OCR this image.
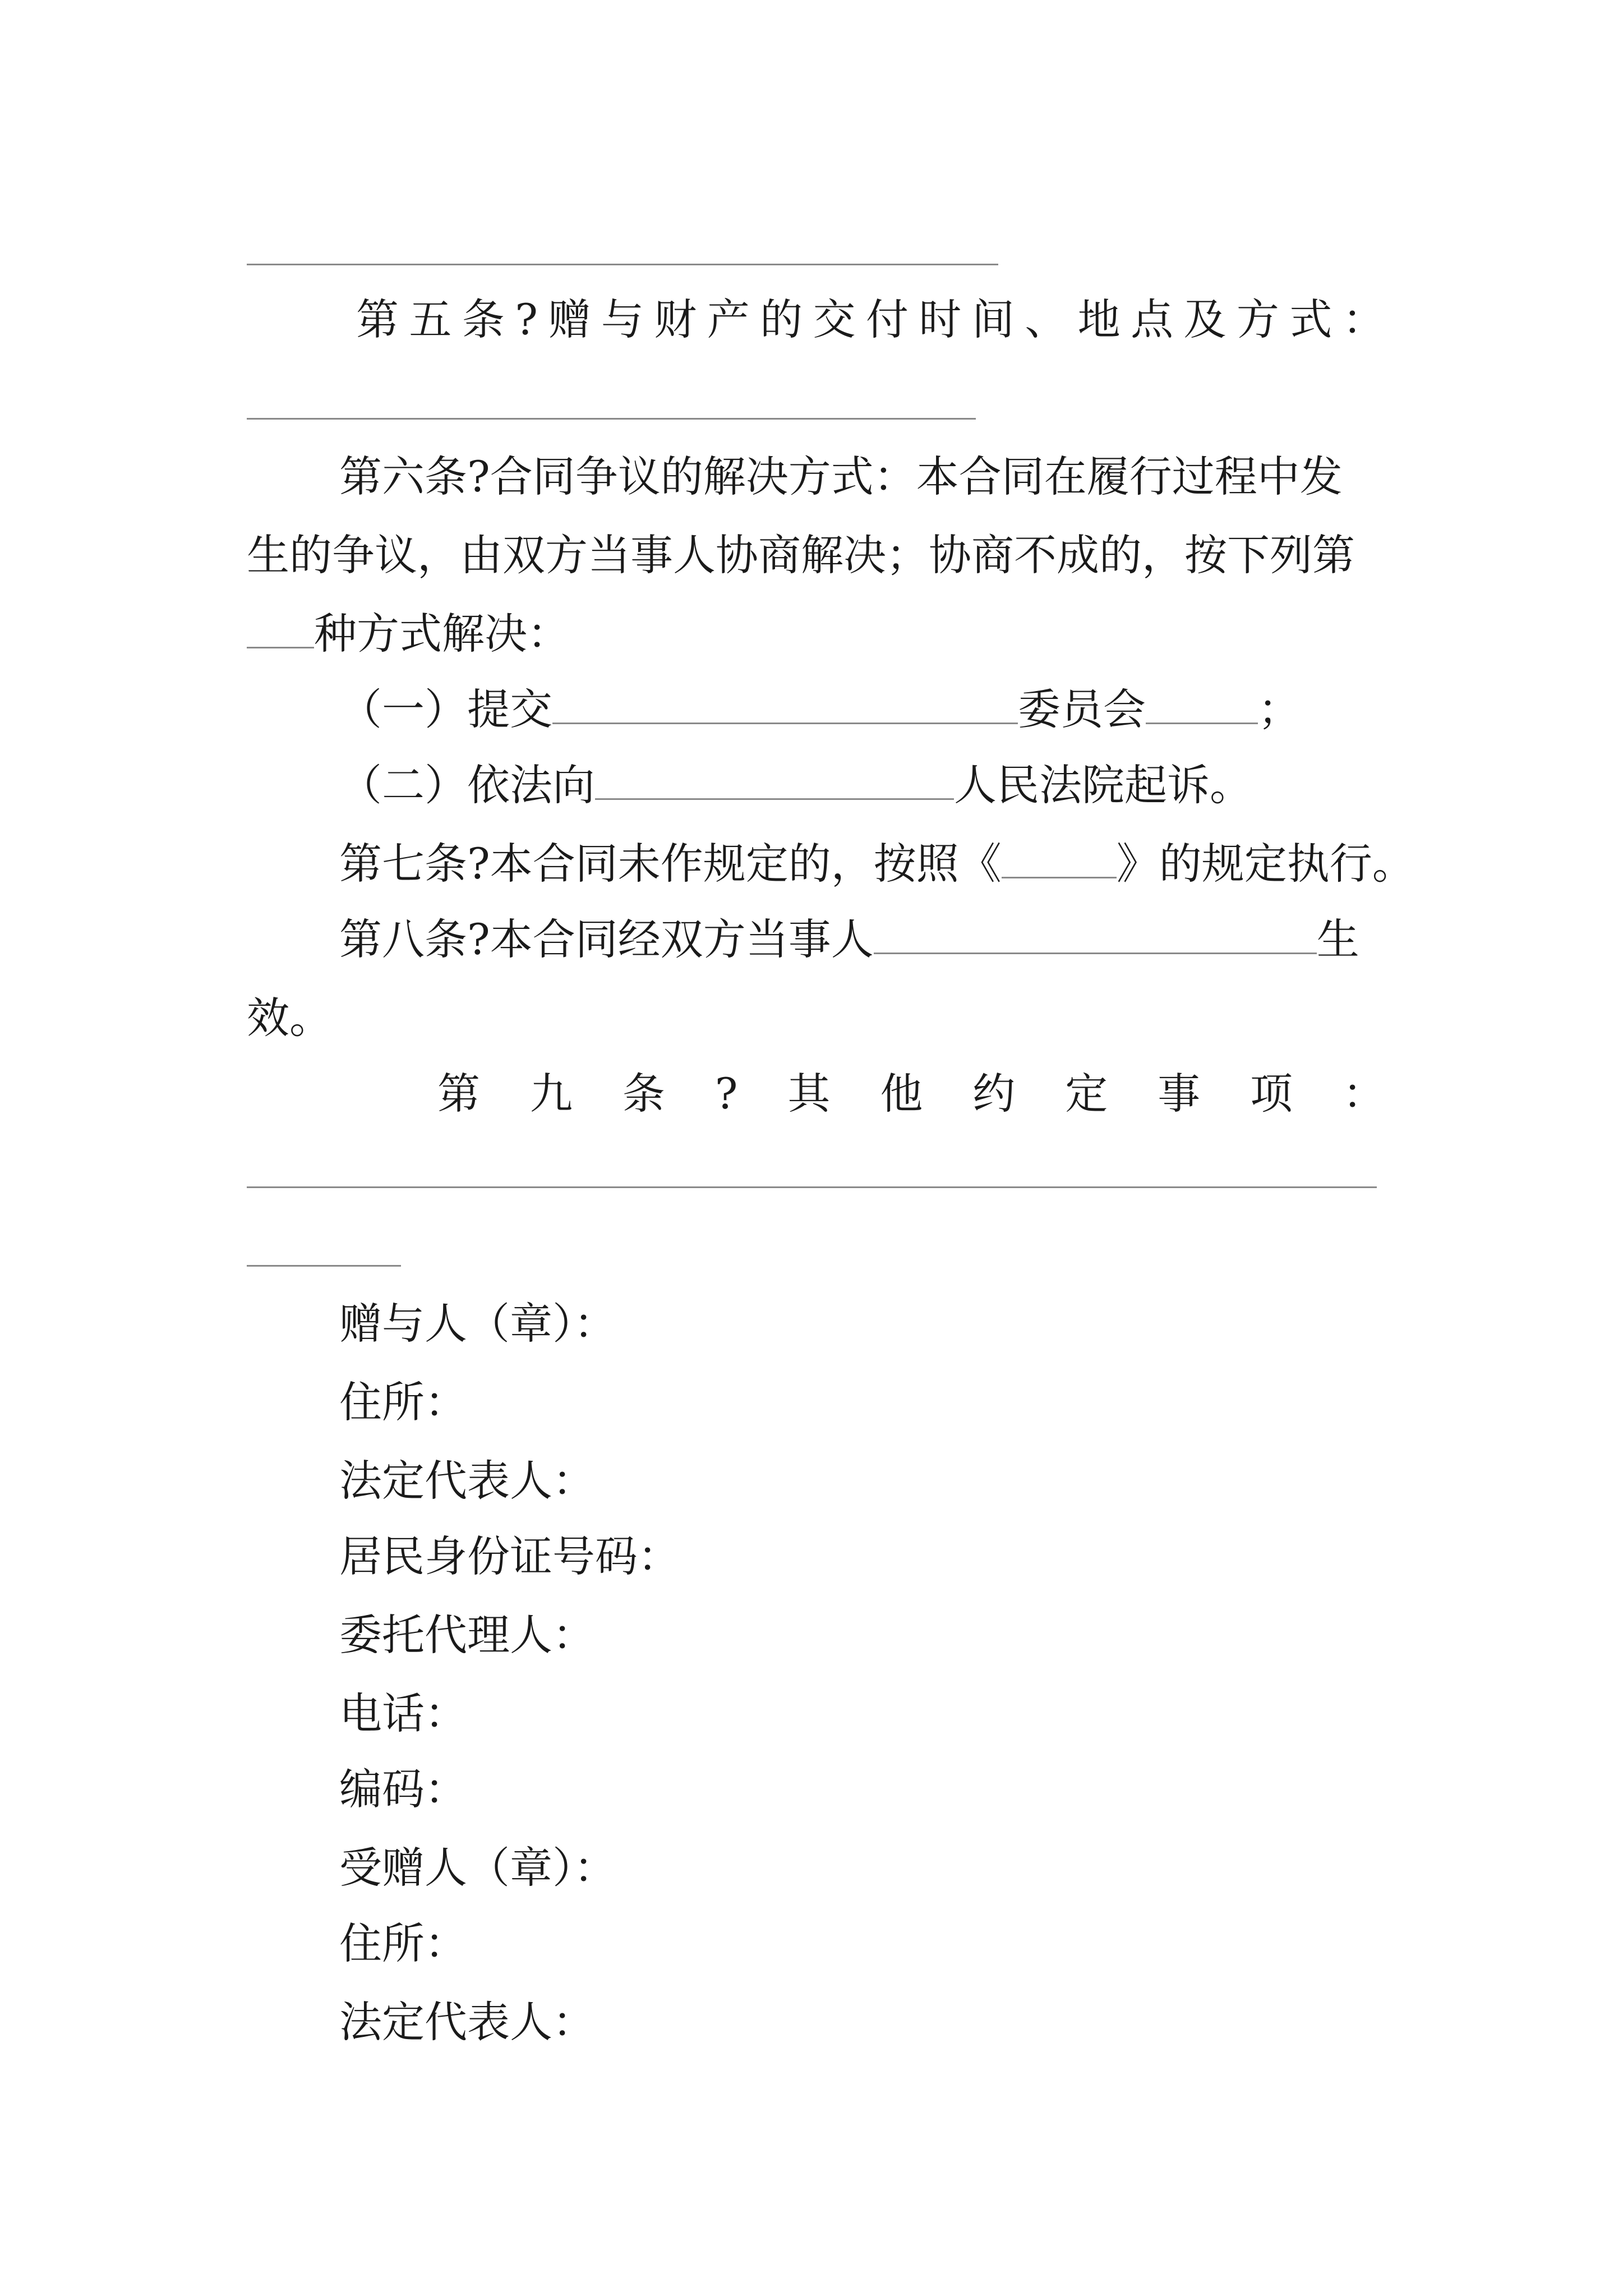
第 五 条 ? 赠 与 财 产 的 交 付 时 间 、 地 点 及 方 式 ：
第六条?合同争议的解决方式：本合同在履行过程中发
生的争议，由双方当事人协商解决；协商不成的，按下列第
种方式解决：
（一）提交	委员会	；
（二）依法向	人民法院起诉。
第七条?本合同未作规定的，按照《	》的规定执行。
第八条?本合同经双方当事人	生
效。
第 九 条 ? 其 他 约 定 事 项 ：
赠与人（章）：
住所：
法定代表人：
居民身份证号码：
委托代理人：
电话：
编码：
受赠人（章）：
住所：
法定代表人：
